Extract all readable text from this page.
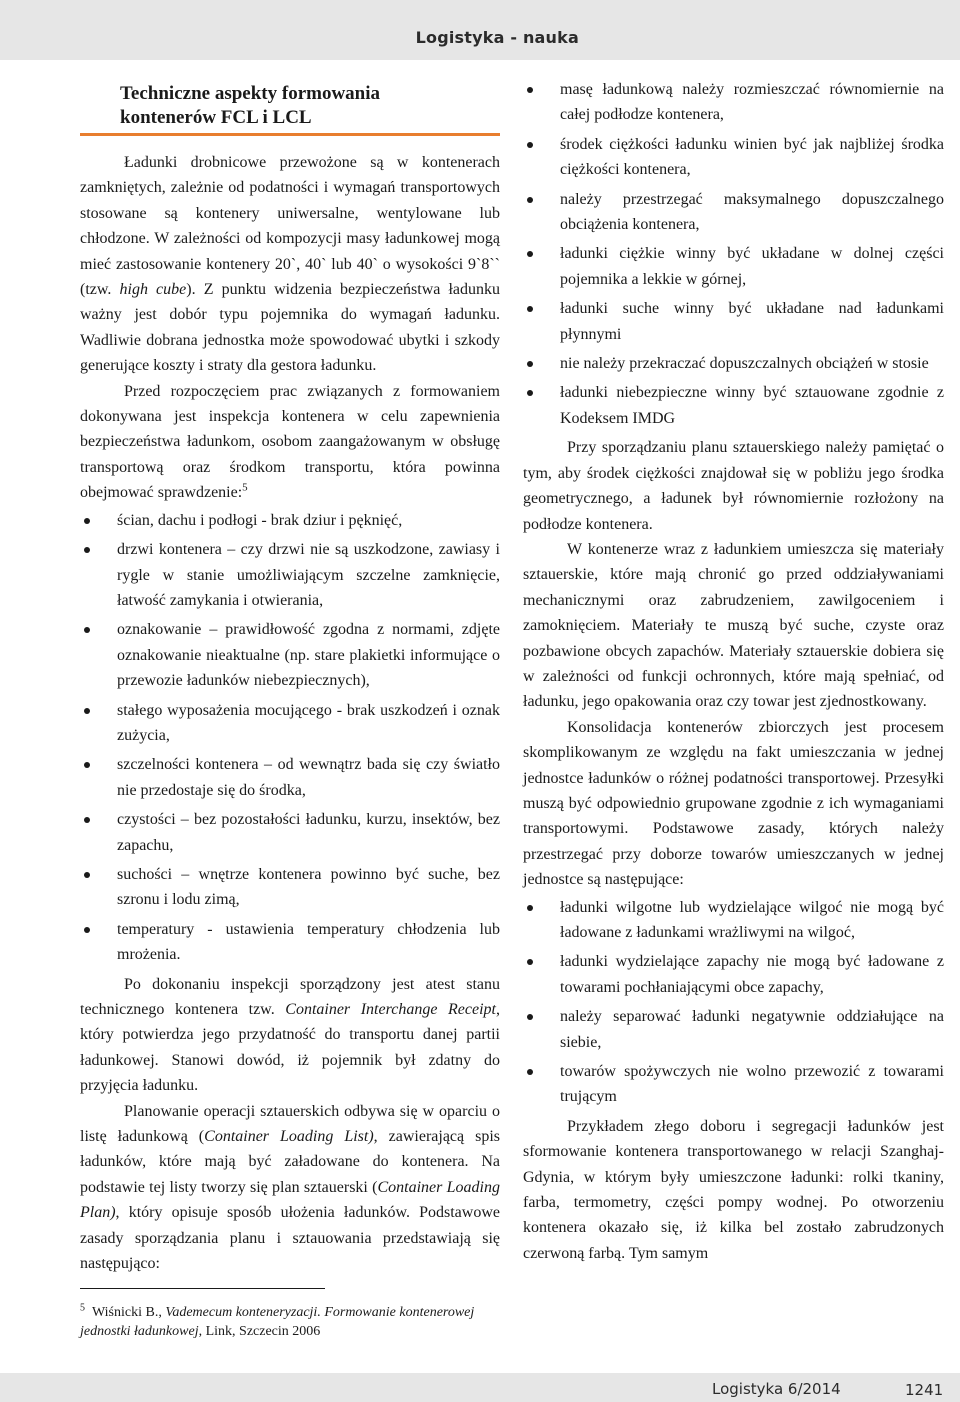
Logistyka - nauka
Techniczne aspekty formowania kontenerów FCL i LCL

Ładunki drobnicowe przewożone są w kontenerach zamkniętych, zależnie od podatności i wymagań transportowych stosowane są kontenery uniwersalne, wentylowane lub chłodzone. W zależności od kompozycji masy ładunkowej mogą mieć zastosowanie kontenery 20`, 40` lub 40` o wysokości 9`8`` (tzw. high cube). Z punktu widzenia bezpieczeństwa ładunku ważny jest dobór typu pojemnika do wymagań ładunku. Wadliwie dobrana jednostka może spowodować ubytki i szkody generujące koszty i straty dla gestora ładunku.

Przed rozpoczęciem prac związanych z formowaniem dokonywana jest inspekcja kontenera w celu zapewnienia bezpieczeństwa ładunkom, osobom zaangażowanym w obsługę transportową oraz środkom transportu, która powinna obejmować sprawdzenie:$^5$

ścian, dachu i podłogi - brak dziur i pęknięć,
drzwi kontenera – czy drzwi nie są uszkodzone, zawiasy i rygle w stanie umożliwiającym szczelne zamknięcie, łatwość zamykania i otwierania,
oznakowanie – prawidłowość zgodna z normami, zdjęte oznakowanie nieaktualne (np. stare plakietki informujące o przewozie ładunków niebezpiecznych),
stałego wyposażenia mocującego - brak uszkodzeń i oznak zużycia,
szczelności kontenera – od wewnątrz bada się czy światło nie przedostaje się do środka,
czystości – bez pozostałości ładunku, kurzu, insektów, bez zapachu,
suchości – wnętrze kontenera powinno być suche, bez szronu i lodu zimą,
temperatury - ustawienia temperatury chłodzenia lub mrożenia.

Po dokonaniu inspekcji sporządzony jest atest stanu technicznego kontenera tzw. Container Interchange Receipt, który potwierdza jego przydatność do transportu danej partii ładunkowej. Stanowi dowód, iż pojemnik był zdatny do przyjęcia ładunku.

Planowanie operacji sztauerskich odbywa się w oparciu o listę ładunkową (Container Loading List), zawierającą spis ładunków, które mają być załadowane do kontenera. Na podstawie tej listy tworzy się plan sztauerski (Container Loading Plan), który opisuje sposób ułożenia ładunków. Podstawowe zasady sporządzania planu i sztauowania przedstawiają się następująco:

$^5$ Wiśnicki B., Vademecum konteneryzacji. Formowanie kontenerowej jednostki ładunkowej, Link, Szczecin 2006
masę ładunkową należy rozmieszczać równomiernie na całej podłodze kontenera,
środek ciężkości ładunku winien być jak najbliżej środka ciężkości kontenera,
należy przestrzegać maksymalnego dopuszczalnego obciążenia kontenera,
ładunki ciężkie winny być układane w dolnej części pojemnika a lekkie w górnej,
ładunki suche winny być układane nad ładunkami płynnymi
nie należy przekraczać dopuszczalnych obciążeń w stosie
ładunki niebezpieczne winny być sztauowane zgodnie z Kodeksem IMDG

Przy sporządzaniu planu sztauerskiego należy pamiętać o tym, aby środek ciężkości znajdował się w pobliżu jego środka geometrycznego, a ładunek był równomiernie rozłożony na podłodze kontenera.

W kontenerze wraz z ładunkiem umieszcza się materiały sztauerskie, które mają chronić go przed oddziaływaniami mechanicznymi oraz zabrudzeniem, zawilgoceniem i zamoknięciem. Materiały te muszą być suche, czyste oraz pozbawione obcych zapachów. Materiały sztauerskie dobiera się w zależności od funkcji ochronnych, które mają spełniać, od ładunku, jego opakowania oraz czy towar jest zjednostkowany.

Konsolidacja kontenerów zbiorczych jest procesem skomplikowanym ze względu na fakt umieszczania w jednej jednostce ładunków o różnej podatności transportowej. Przesyłki muszą być odpowiednio grupowane zgodnie z ich wymaganiami transportowymi. Podstawowe zasady, których należy przestrzegać przy doborze towarów umieszczanych w jednej jednostce są następujące:

ładunki wilgotne lub wydzielające wilgoć nie mogą być ładowane z ładunkami wrażliwymi na wilgoć,
ładunki wydzielające zapachy nie mogą być ładowane z towarami pochłaniającymi obce zapachy,
należy separować ładunki negatywnie oddziałujące na siebie,
towarów spożywczych nie wolno przewozić z towarami trującym

Przykładem złego doboru i segregacji ładunków jest sformowanie kontenera transportowanego w relacji Szanghaj-Gdynia, w którym były umieszczone ładunki: rolki tkaniny, farba, termometry, części pompy wodnej. Po otworzeniu kontenera okazało się, iż kilka bel zostało zabrudzonych czerwoną farbą. Tym samym

Logistyka 6/2014	1241
